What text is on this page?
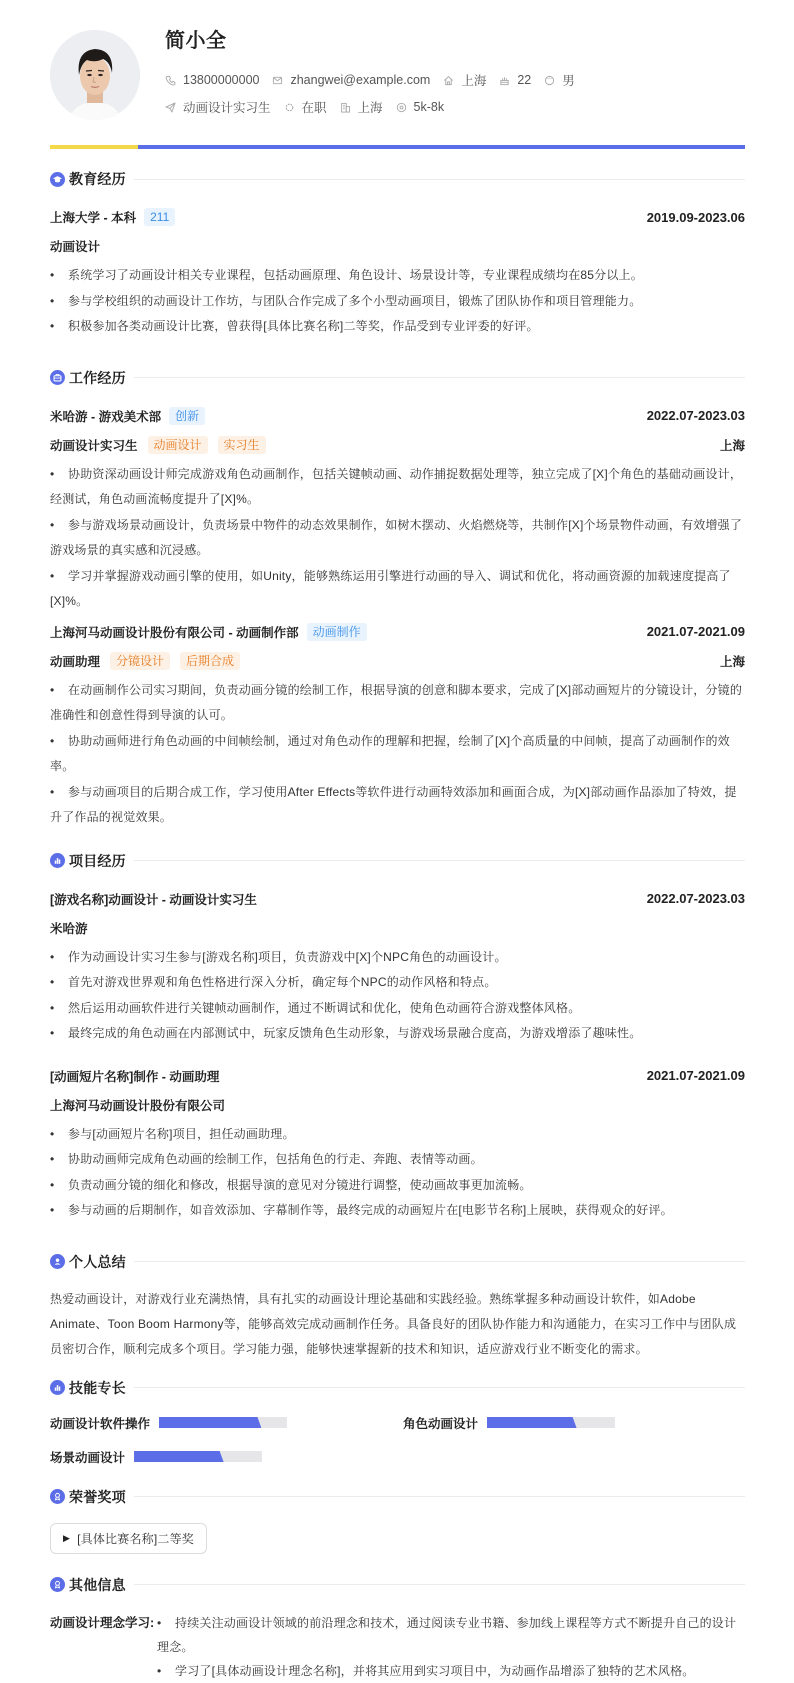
简小全
13800000000 zhangwei@example.com 上海 22 男
动画设计实习生 在职 上海 5k-8k
教育经历
上海大学 - 本科	211	2019.09-2023.06
动画设计
• 系统学习了动画设计相关专业课程，包括动画原理、角色设计、场景设计等，专业课程成绩均在85分以上。
• 参与学校组织的动画设计工作坊，与团队合作完成了多个小型动画项目，锻炼了团队协作和项目管理能力。
• 积极参加各类动画设计比赛，曾获得[具体比赛名称]二等奖，作品受到专业评委的好评。
工作经历
米哈游 - 游戏美术部	创新	2022.07-2023.03
动画设计实习生	动画设计	实习生	上海
• 协助资深动画设计师完成游戏角色动画制作，包括关键帧动画、动作捕捉数据处理等，独立完成了[X]个角色的基础动画设计，经测试，角色动画流畅度提升了[X]%。
• 参与游戏场景动画设计，负责场景中物件的动态效果制作，如树木摆动、火焰燃烧等，共制作[X]个场景物件动画，有效增强了游戏场景的真实感和沉浸感。
• 学习并掌握游戏动画引擎的使用，如Unity，能够熟练运用引擎进行动画的导入、调试和优化，将动画资源的加载速度提高了[X]%。
上海河马动画设计股份有限公司 - 动画制作部	动画制作	2021.07-2021.09
动画助理	分镜设计	后期合成	上海
• 在动画制作公司实习期间，负责动画分镜的绘制工作，根据导演的创意和脚本要求，完成了[X]部动画短片的分镜设计，分镜的准确性和创意性得到导演的认可。
• 协助动画师进行角色动画的中间帧绘制，通过对角色动作的理解和把握，绘制了[X]个高质量的中间帧，提高了动画制作的效率。
• 参与动画项目的后期合成工作，学习使用After Effects等软件进行动画特效添加和画面合成，为[X]部动画作品添加了特效，提升了作品的视觉效果。
项目经历
[游戏名称]动画设计 - 动画设计实习生	2022.07-2023.03
米哈游
• 作为动画设计实习生参与[游戏名称]项目，负责游戏中[X]个NPC角色的动画设计。
• 首先对游戏世界观和角色性格进行深入分析，确定每个NPC的动作风格和特点。
• 然后运用动画软件进行关键帧动画制作，通过不断调试和优化，使角色动画符合游戏整体风格。
• 最终完成的角色动画在内部测试中，玩家反馈角色生动形象，与游戏场景融合度高，为游戏增添了趣味性。
[动画短片名称]制作 - 动画助理	2021.07-2021.09
上海河马动画设计股份有限公司
• 参与[动画短片名称]项目，担任动画助理。
• 协助动画师完成角色动画的绘制工作，包括角色的行走、奔跑、表情等动画。
• 负责动画分镜的细化和修改，根据导演的意见对分镜进行调整，使动画故事更加流畅。
• 参与动画的后期制作，如音效添加、字幕制作等，最终完成的动画短片在[电影节名称]上展映，获得观众的好评。
个人总结

热爱动画设计，对游戏行业充满热情，具有扎实的动画设计理论基础和实践经验。熟练掌握多种动画设计软件，如Adobe Animate、Toon Boom Harmony等，能够高效完成动画制作任务。具备良好的团队协作能力和沟通能力，在实习工作中与团队成员密切合作，顺利完成多个项目。学习能力强，能够快速掌握新的技术和知识，适应游戏行业不断变化的需求。

技能专长
动画设计软件操作	角色动画设计
场景动画设计
荣誉奖项
▶ [具体比赛名称]二等奖
其他信息
动画设计理念学习:	• 持续关注动画设计领域的前沿理念和技术，通过阅读专业书籍、参加线上课程等方式不断提升自己的设计理念。
• 学习了[具体动画设计理念名称]，并将其应用到实习项目中，为动画作品增添了独特的艺术风格。
